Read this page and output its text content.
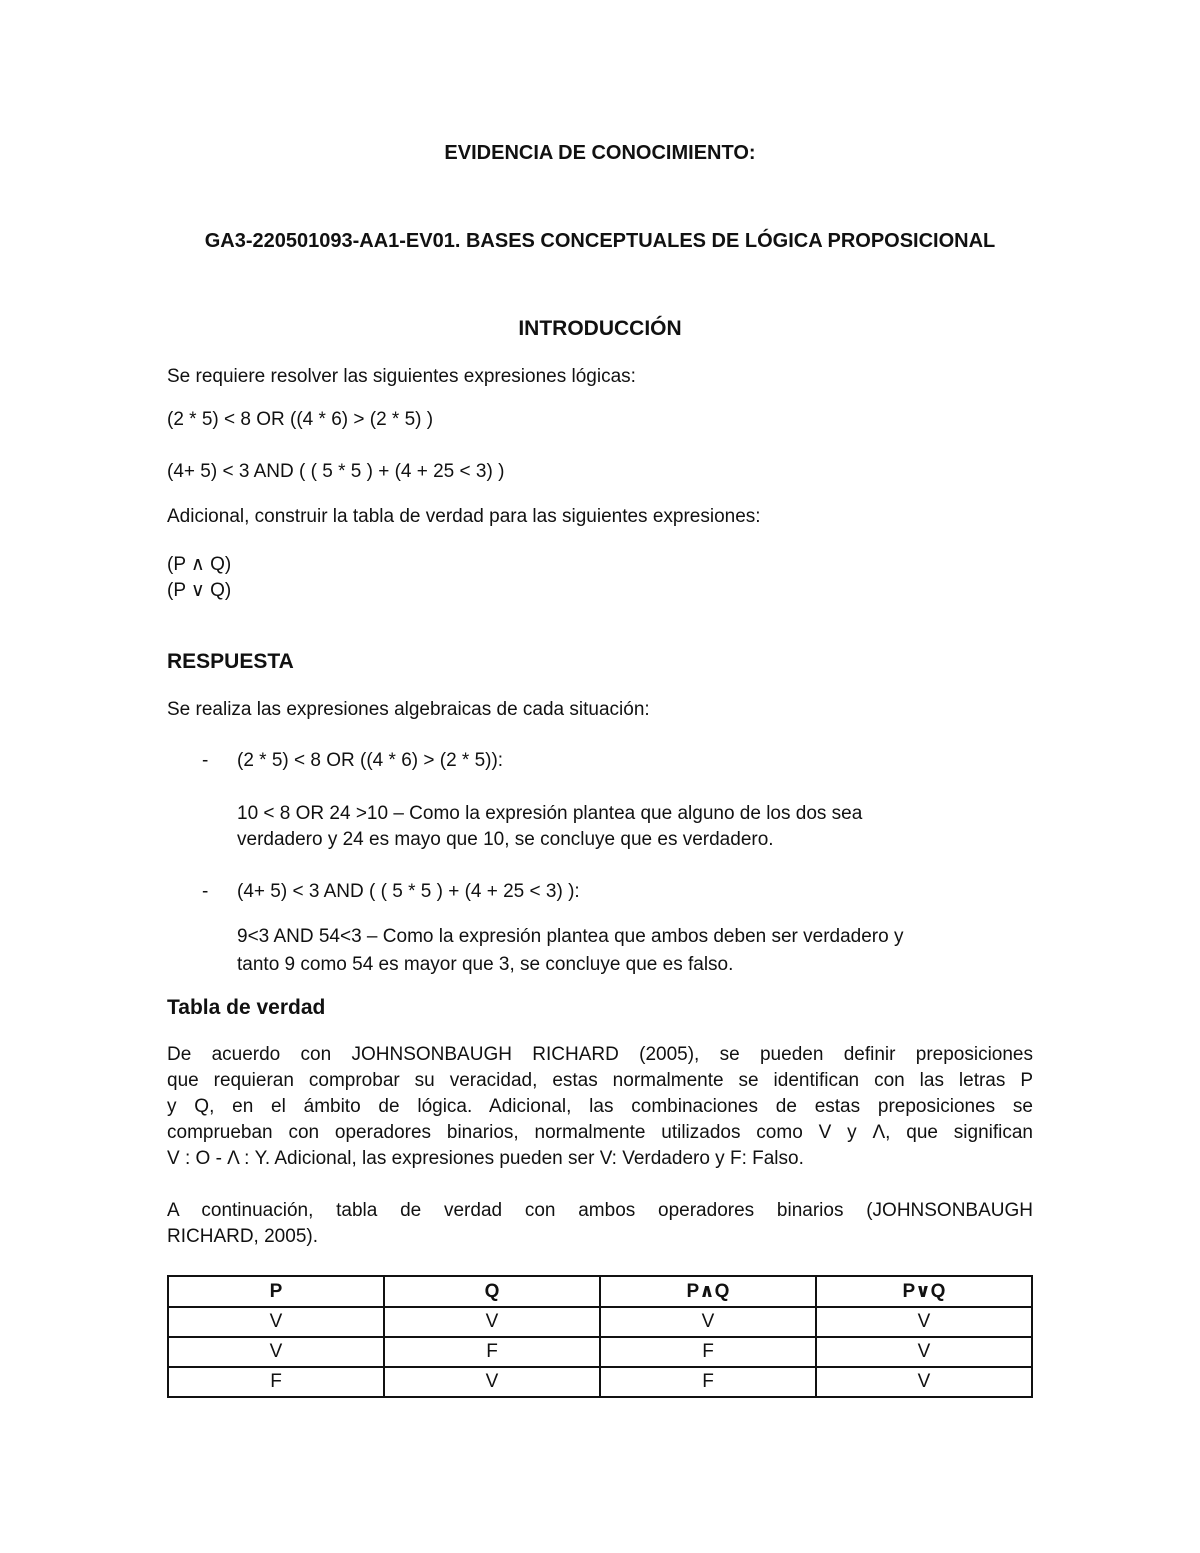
EVIDENCIA DE CONOCIMIENTO:
GA3-220501093-AA1-EV01. BASES CONCEPTUALES DE LÓGICA PROPOSICIONAL
INTRODUCCIÓN
Se requiere resolver las siguientes expresiones lógicas:
(2 * 5) < 8 OR ((4 * 6) > (2 * 5) )
(4+ 5) < 3 AND ( ( 5 * 5 ) + (4 + 25 < 3) )
Adicional, construir la tabla de verdad para las siguientes expresiones:
(P ∧ Q)
(P ∨ Q)
RESPUESTA
Se realiza las expresiones algebraicas de cada situación:
- (2 * 5) < 8 OR ((4 * 6) > (2 * 5)):
10 < 8 OR 24 >10 – Como la expresión plantea que alguno de los dos sea
verdadero y 24 es mayo que 10, se concluye que es verdadero.
- (4+ 5) < 3 AND ( ( 5 * 5 ) + (4 + 25 < 3) ):
9<3 AND 54<3 – Como la expresión plantea que ambos deben ser verdadero y
tanto 9 como 54 es mayor que 3, se concluye que es falso.
Tabla de verdad
De acuerdo con JOHNSONBAUGH RICHARD (2005), se pueden definir preposiciones
que requieran comprobar su veracidad, estas normalmente se identifican con las letras P
y Q, en el ámbito de lógica. Adicional, las combinaciones de estas preposiciones se
comprueban con operadores binarios, normalmente utilizados como V y Λ, que significan
V : O - Λ : Y. Adicional, las expresiones pueden ser V: Verdadero y F: Falso.
A continuación, tabla de verdad con ambos operadores binarios (JOHNSONBAUGH
RICHARD, 2005).
P	Q	P∧Q	P∨Q
V	V	V	V
V	F	F	V
F	V	F	V
